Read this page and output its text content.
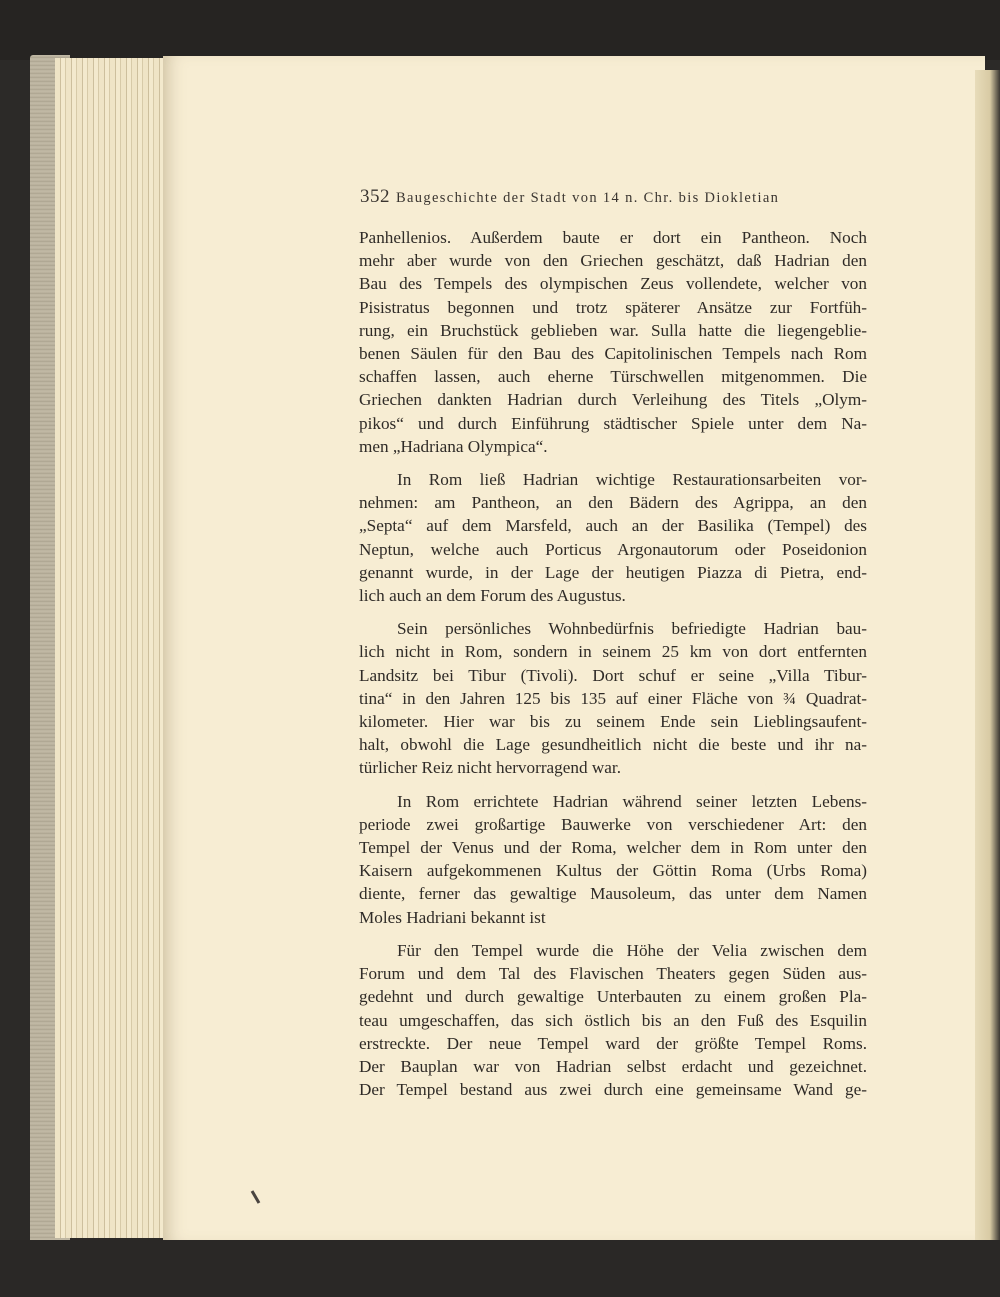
352 Baugeschichte der Stadt von 14 n. Chr. bis Diokletian

Panhellenios. Außerdem baute er dort ein Pantheon. Noch
mehr aber wurde von den Griechen geschätzt, daß Hadrian den
Bau des Tempels des olympischen Zeus vollendete, welcher von
Pisistratus begonnen und trotz späterer Ansätze zur Fortfüh-
rung, ein Bruchstück geblieben war. Sulla hatte die liegengeblie-
benen Säulen für den Bau des Capitolinischen Tempels nach Rom
schaffen lassen, auch eherne Türschwellen mitgenommen. Die
Griechen dankten Hadrian durch Verleihung des Titels „Olym-
pikos“ und durch Einführung städtischer Spiele unter dem Na-
men „Hadriana Olympica“.

In Rom ließ Hadrian wichtige Restaurationsarbeiten vor-
nehmen: am Pantheon, an den Bädern des Agrippa, an den
„Septa“ auf dem Marsfeld, auch an der Basilika (Tempel) des
Neptun, welche auch Porticus Argonautorum oder Poseidonion
genannt wurde, in der Lage der heutigen Piazza di Pietra, end-
lich auch an dem Forum des Augustus.

Sein persönliches Wohnbedürfnis befriedigte Hadrian bau-
lich nicht in Rom, sondern in seinem 25 km von dort entfernten
Landsitz bei Tibur (Tivoli). Dort schuf er seine „Villa Tibur-
tina“ in den Jahren 125 bis 135 auf einer Fläche von ¾ Quadrat-
kilometer. Hier war bis zu seinem Ende sein Lieblingsaufent-
halt, obwohl die Lage gesundheitlich nicht die beste und ihr na-
türlicher Reiz nicht hervorragend war.

In Rom errichtete Hadrian während seiner letzten Lebens-
periode zwei großartige Bauwerke von verschiedener Art: den
Tempel der Venus und der Roma, welcher dem in Rom unter den
Kaisern aufgekommenen Kultus der Göttin Roma (Urbs Roma)
diente, ferner das gewaltige Mausoleum, das unter dem Namen
Moles Hadriani bekannt ist

Für den Tempel wurde die Höhe der Velia zwischen dem
Forum und dem Tal des Flavischen Theaters gegen Süden aus-
gedehnt und durch gewaltige Unterbauten zu einem großen Pla-
teau umgeschaffen, das sich östlich bis an den Fuß des Esquilin
erstreckte. Der neue Tempel ward der größte Tempel Roms.
Der Bauplan war von Hadrian selbst erdacht und gezeichnet.
Der Tempel bestand aus zwei durch eine gemeinsame Wand ge-
